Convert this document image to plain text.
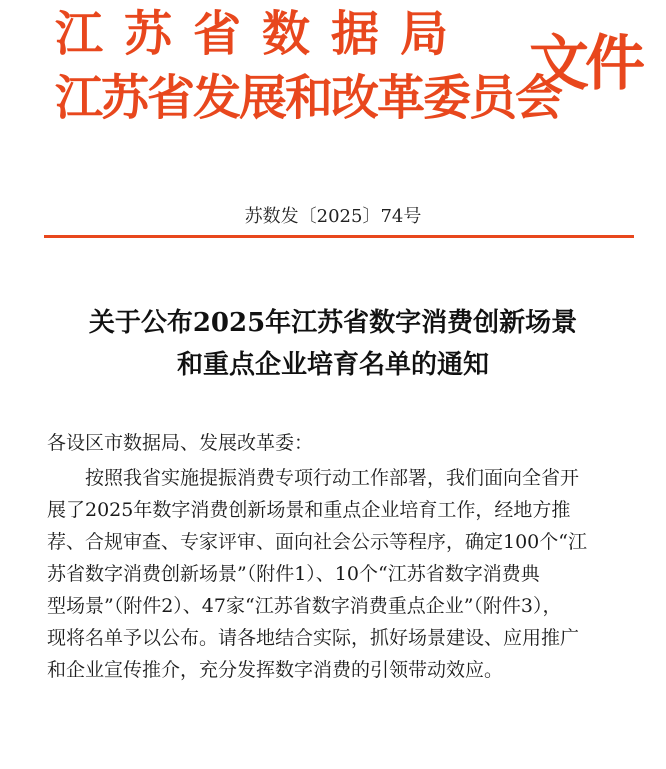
江苏省数据局
江苏省发展和改革委员会
文件
苏数发〔2025〕74号
关于公布2025年江苏省数字消费创新场景
和重点企业培育名单的通知
各设区市数据局、发展改革委：
按照我省实施提振消费专项行动工作部署，我们面向全省开
展了2025年数字消费创新场景和重点企业培育工作，经地方推
荐、合规审查、专家评审、面向社会公示等程序，确定100个“江
苏省数字消费创新场景”（附件1）、10个“江苏省数字消费典
型场景”（附件2）、47家“江苏省数字消费重点企业”（附件3），
现将名单予以公布。请各地结合实际，抓好场景建设、应用推广
和企业宣传推介，充分发挥数字消费的引领带动效应。
